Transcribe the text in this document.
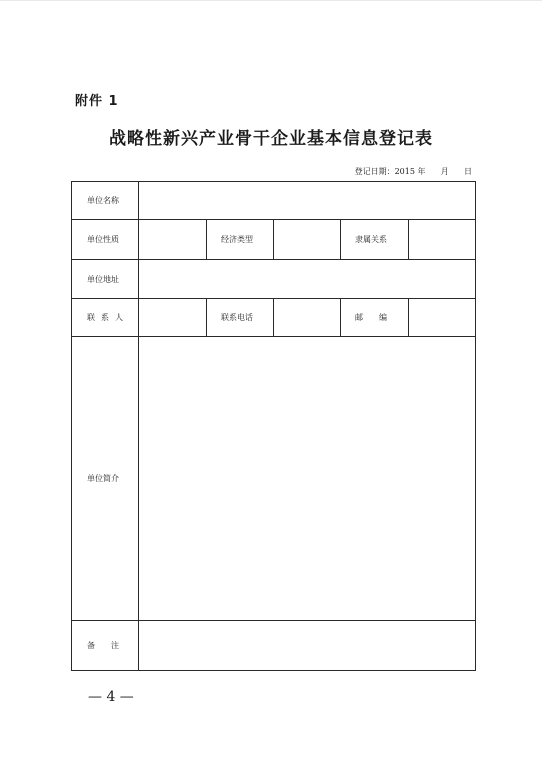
附件 1
战略性新兴产业骨干企业基本信息登记表
登记日期：2015 年      月      日
单位名称					
单位性质		经济类型		隶属关系	
单位地址					
联系人		联系电话		邮编	
单位简介					
备注					
— 4 —
